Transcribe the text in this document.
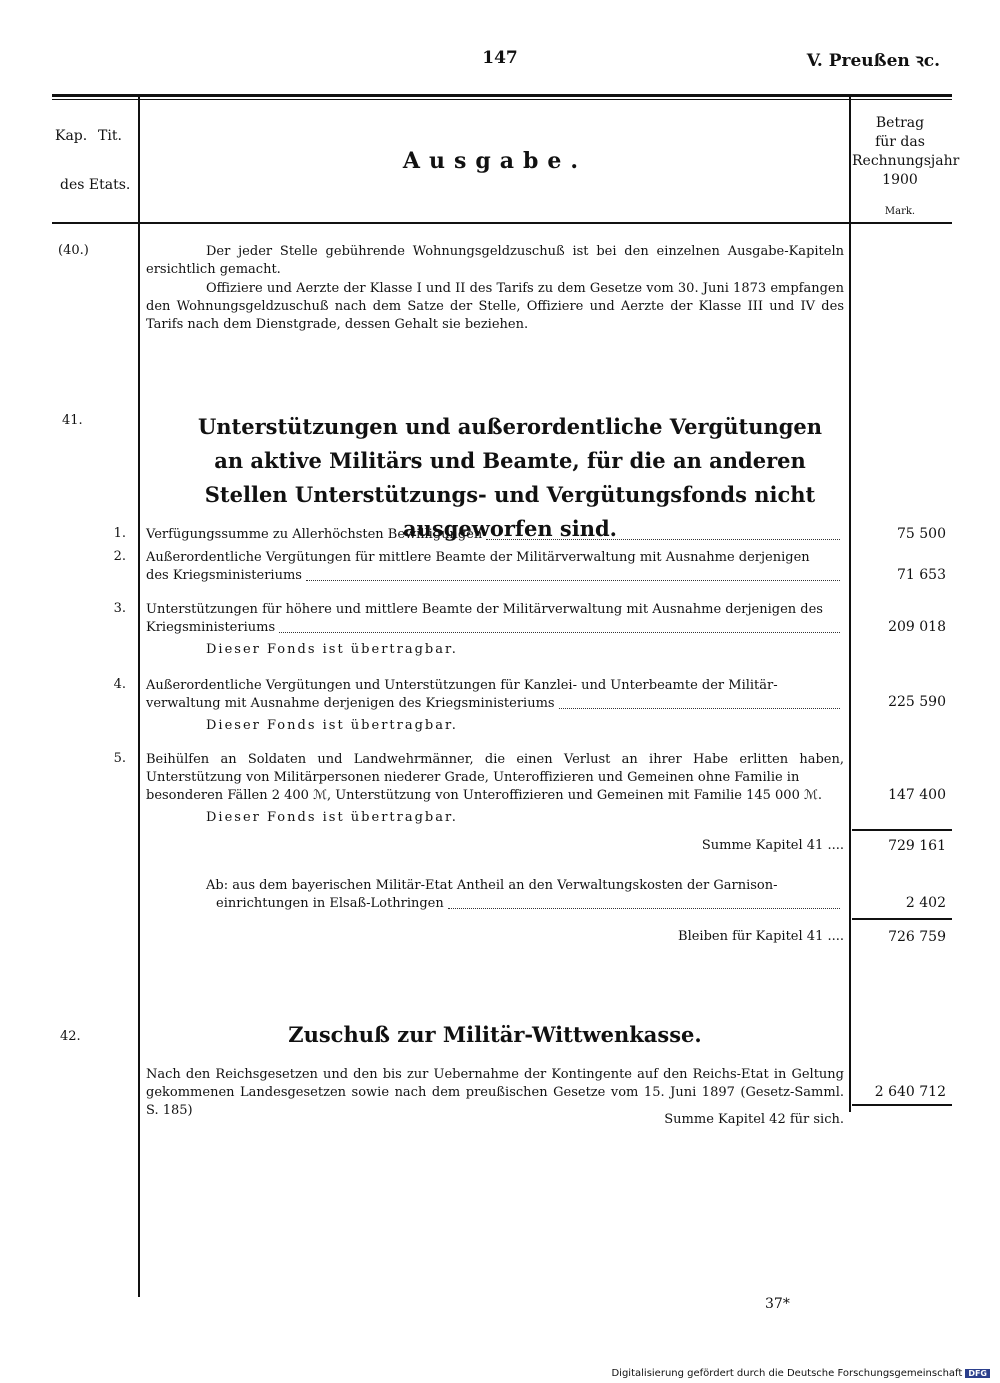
147	V. Preußen ꝛc.
Kap. Tit.
des Etats.
Ausgabe.
Betrag
für das
Rechnungsjahr
1900
Mark.
(40.)	Der jeder Stelle gebührende Wohnungsgeldzuschuß ist bei den einzelnen Ausgabe-Kapiteln ersichtlich gemacht.
Offiziere und Aerzte der Klasse I und II des Tarifs zu dem Gesetze vom 30. Juni 1873 empfangen den Wohnungsgeldzuschuß nach dem Satze der Stelle, Offiziere und Aerzte der Klasse III und IV des Tarifs nach dem Dienstgrade, dessen Gehalt sie beziehen.
41.	Unterstützungen und außerordentliche Vergütungen an aktive Militärs und Beamte, für die an anderen Stellen Unterstützungs- und Vergütungsfonds nicht ausgeworfen sind.
1. Verfügungssumme zu Allerhöchsten Bewilligungen	75 500
2. Außerordentliche Vergütungen für mittlere Beamte der Militärverwaltung mit Ausnahme derjenigen
des Kriegsministeriums	71 653
3. Unterstützungen für höhere und mittlere Beamte der Militärverwaltung mit Ausnahme derjenigen des
Kriegsministeriums	209 018
Dieser Fonds ist übertragbar.
4. Außerordentliche Vergütungen und Unterstützungen für Kanzlei- und Unterbeamte der Militär-
verwaltung mit Ausnahme derjenigen des Kriegsministeriums	225 590
Dieser Fonds ist übertragbar.
5. Beihülfen an Soldaten und Landwehrmänner, die einen Verlust an ihrer Habe erlitten haben, Unterstützung von Militärpersonen niederer Grade, Unteroffizieren und Gemeinen ohne Familie in
besonderen Fällen 2 400 ℳ, Unterstützung von Unteroffizieren und Gemeinen mit Familie 145 000 ℳ.	147 400
Dieser Fonds ist übertragbar.
Summe Kapitel 41 ....	729 161
Ab: aus dem bayerischen Militär-Etat Antheil an den Verwaltungskosten der Garnison-
einrichtungen in Elsaß-Lothringen	2 402
Bleiben für Kapitel 41 ....	726 759
42.	Zuschuß zur Militär-Wittwenkasse.
Nach den Reichsgesetzen und den bis zur Uebernahme der Kontingente auf den Reichs-Etat in Geltung gekommenen Landesgesetzen sowie nach dem preußischen Gesetze vom 15. Juni 1897 (Gesetz-Samml. S. 185)
2 640 712
Summe Kapitel 42 für sich.
37*
Digitalisierung gefördert durch die Deutsche Forschungsgemeinschaft DFG
